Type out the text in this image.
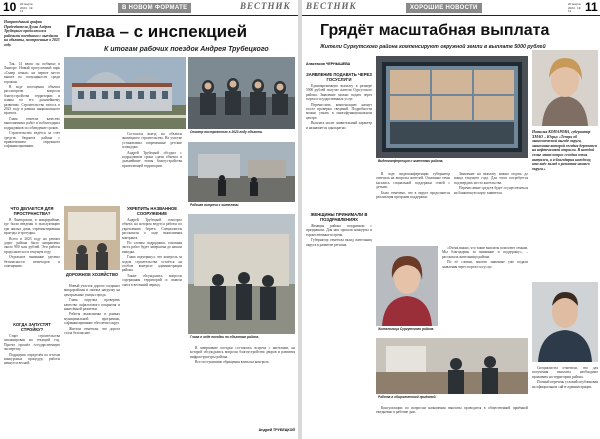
10 20 марта 2024 · № 11	В НОВОМ ФОРМАТЕ	ВЕСТНИК
Напряжённый график Председателя Думы Андрея Трубецкого продолжился рабочими поездками с выездами на объекты, построенные в 2023 году.

Так, 14 июля он побывал в Лянторе. Новый прогулочный парк «Сквер семьи» на первое место вышел по популярности среди горожан.

В ходе посещения объекта рассмотрели вопросы благоустройства территории и планы по его дальнейшему развитию. Строительство велось в 2023 году в рамках национального проекта.

Глава отметил качество выполненных работ и поблагодарил подрядчиков за соблюдение сроков.

Строительство ведётся за счёт средств бюджета района с привлечением окружного софинансирования.

Глава – с инспекцией
К итогам рабочих поездок Андрея Трубецкого

Состоялся выезд на объекты жилищного строительства. На участке установлены современные детские площадки.

Андрей Трубецкой обсудил с подрядчиком сроки сдачи объекта и дальнейшие этапы благоустройства прилегающей территории.

Осмотр построенного в 2023 году объекта.
Рабочая встреча с жителями.
ЧТО ДЕЛАЕТСЯ ДЛЯ ПРОСТРАНСТВА?

В Лянторском, в микрорайоне, где были введены в эксплуатацию три жилых дома, отремонтированы проезды и тротуары.

Всего в 2023 году на ремонт дорог района было направлено около 900 млн рублей. Эти работы продолжатся и в текущем году.

Отдельное внимание уделено безопасности пешеходов и освещению.

КОГДА ЗАПУСТЯТ СТРОЙКУ?

Старт строительства запланирован на текущий год. Проект прошёл государственную экспертизу.

Подрядчик определён по итогам конкурсных процедур, работы начнутся весной.

ДОРОЖНОЕ ХОЗЯЙСТВО

Новый участок дороги соединил микрорайоны и снизил нагрузку на центральные улицы города.

Глава поручил проверить качество асфальтового покрытия и нанесённой разметки.

Работы выполнены в рамках муниципальной программы, софинансирование обеспечил округ.

Жители отметили, что дорога стала безопаснее.

УКРЕПИТЬ НАЗВАННОЕ СООРУЖЕНИЕ

Андрей Трубецкой осмотрел объект, на котором ведутся работы по укреплению берега. Специалисты рассказали о ходе выполнения контракта.

По словам подрядчика, основная часть работ будет завершена до начала паводка.

Глава подчеркнул, что контроль за ходом строительства остаётся на особом контроле администрации района.

Также обсуждались вопросы содержания территорий и вывоза снега в весенний период.

Глава в ходе поездки по объектам района.

В завершение поездки состоялась встреча с жителями, на которой обсуждались вопросы благоустройства дворов и развития инфраструктуры района.

Все поступившие обращения взяты на контроль.

Андрей ТРУБЕЦКОЙ
ВЕСТНИК	ХОРОШИЕ НОВОСТИ
20 марта 2024 · № 11	11
Грядёт масштабная выплата
Жители Сургутского района компенсируют окружной земли в выплате 5000 рублей
Анастасия ЧЕРНЫШЕВА
ЗАЯВЛЕНИЕ ПОДАВАТЬ ЧЕРЕЗ ГОСУСЛУГИ

Единовременную выплату в размере 5000 рублей получат жители Сургутского района. Заявление можно подать через портал государственных услуг.

Перечислить компенсацию начнут после проверки сведений. Подробности можно узнать в многофункциональном центре.

Выплата носит заявительный характер и назначается однократно.

ЖЕНЩИНЫ ПРИНИМАЛИ В ПОЗДРАВЛЕНИЯХ

Женщин района поздравили с праздником. Для них прошли концерты и торжественные встречи.

Губернатор отметила вклад жительниц округа в развитие региона.

Видеоконференция с жителями района.
Наталья КОМАРОВА, губернатор ХМАО – Югры: «Теперь об экономической выгоде округа, экономика которой сегодня держится на нефтегазовой отрасли. В каждой семье этот вопрос сегодня очень актуален, а я благодарна каждому, кто внёс вклад в развитие нашего округа.»

В ходе видеоконференции губернатор ответила на вопросы жителей. Основные темы касались социальной поддержки семей с детьми.

Было отмечено, что в округе продолжится реализация программ поддержки.

Заявление на выплату можно подать до конца текущего года. Для этого потребуется подтвердить место жительства.

Перечисление средств будет осуществляться на банковскую карту заявителя.

Жительница Сургутского района.

«Очень важно, что такие выплаты помогают семьям. Мы благодарны за внимание и поддержку», – рассказала жительница района.

По её словам, многие знакомые уже подали заявления через портал госуслуг.

Работа в общественной приёмной.

Консультации по вопросам назначения выплаты проводятся в общественной приёмной ежедневно в рабочие дни.

Специалисты отметили, что для получения выплаты необходимо проживать на территории района.

Полный перечень условий опубликован на официальном сайте администрации.
